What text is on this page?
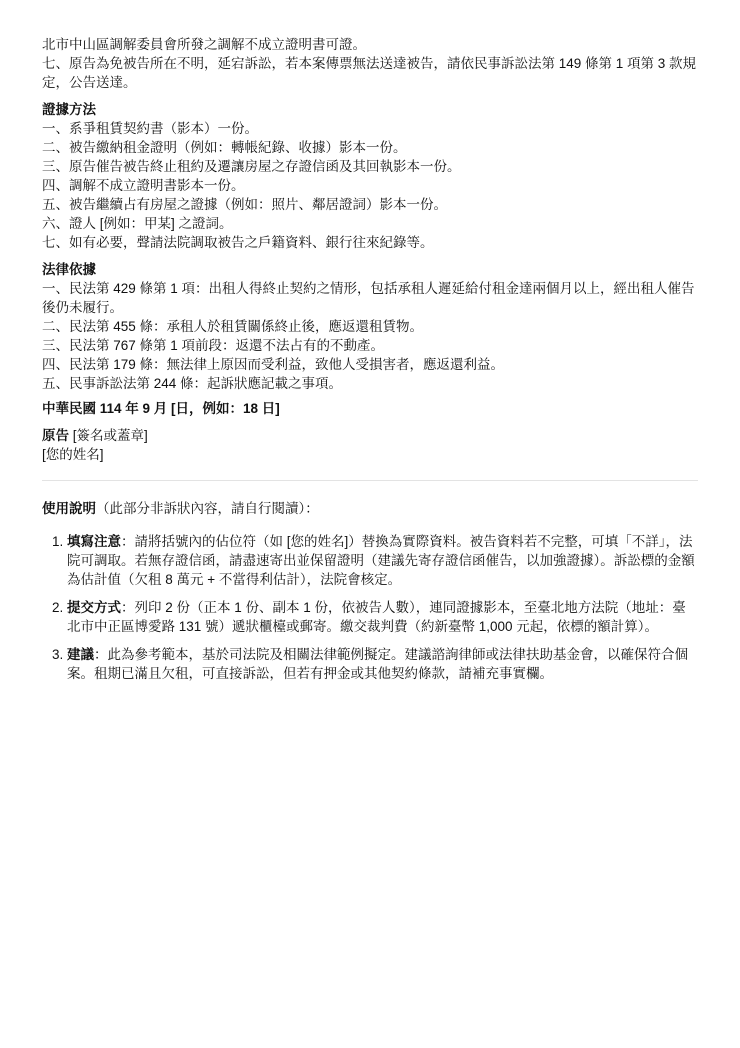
北市中山區調解委員會所發之調解不成立證明書可證。

七、原告為免被告所在不明，延宕訴訟，若本案傳票無法送達被告，請依民事訴訟法第 149 條第 1 項第 3 款規定，公告送達。

證據方法

一、系爭租賃契約書（影本）一份。

二、被告繳納租金證明（例如：轉帳紀錄、收據）影本一份。

三、原告催告被告終止租約及遷讓房屋之存證信函及其回執影本一份。

四、調解不成立證明書影本一份。

五、被告繼續占有房屋之證據（例如：照片、鄰居證詞）影本一份。

六、證人 [例如：甲某] 之證詞。

七、如有必要，聲請法院調取被告之戶籍資料、銀行往來紀錄等。

法律依據

一、民法第 429 條第 1 項：出租人得終止契約之情形，包括承租人遲延給付租金達兩個月以上，經出租人催告後仍未履行。

二、民法第 455 條：承租人於租賃關係終止後，應返還租賃物。

三、民法第 767 條第 1 項前段：返還不法占有的不動產。

四、民法第 179 條：無法律上原因而受利益，致他人受損害者，應返還利益。

五、民事訴訟法第 244 條：起訴狀應記載之事項。

中華民國 114 年 9 月 [日，例如：18 日]

原告 [簽名或蓋章]

[您的姓名]

使用說明（此部分非訴狀內容，請自行閱讀）：

1. 填寫注意：請將括號內的佔位符（如 [您的姓名]）替換為實際資料。被告資料若不完整，可填「不詳」，法院可調取。若無存證信函，請盡速寄出並保留證明（建議先寄存證信函催告，以加強證據）。訴訟標的金額為估計值（欠租 8 萬元 + 不當得利估計），法院會核定。
2. 提交方式：列印 2 份（正本 1 份、副本 1 份，依被告人數），連同證據影本，至臺北地方法院（地址：臺北市中正區博愛路 131 號）遞狀櫃檯或郵寄。繳交裁判費（約新臺幣 1,000 元起，依標的額計算）。
3. 建議：此為參考範本，基於司法院及相關法律範例擬定。建議諮詢律師或法律扶助基金會，以確保符合個案。租期已滿且欠租，可直接訴訟，但若有押金或其他契約條款，請補充事實欄。
